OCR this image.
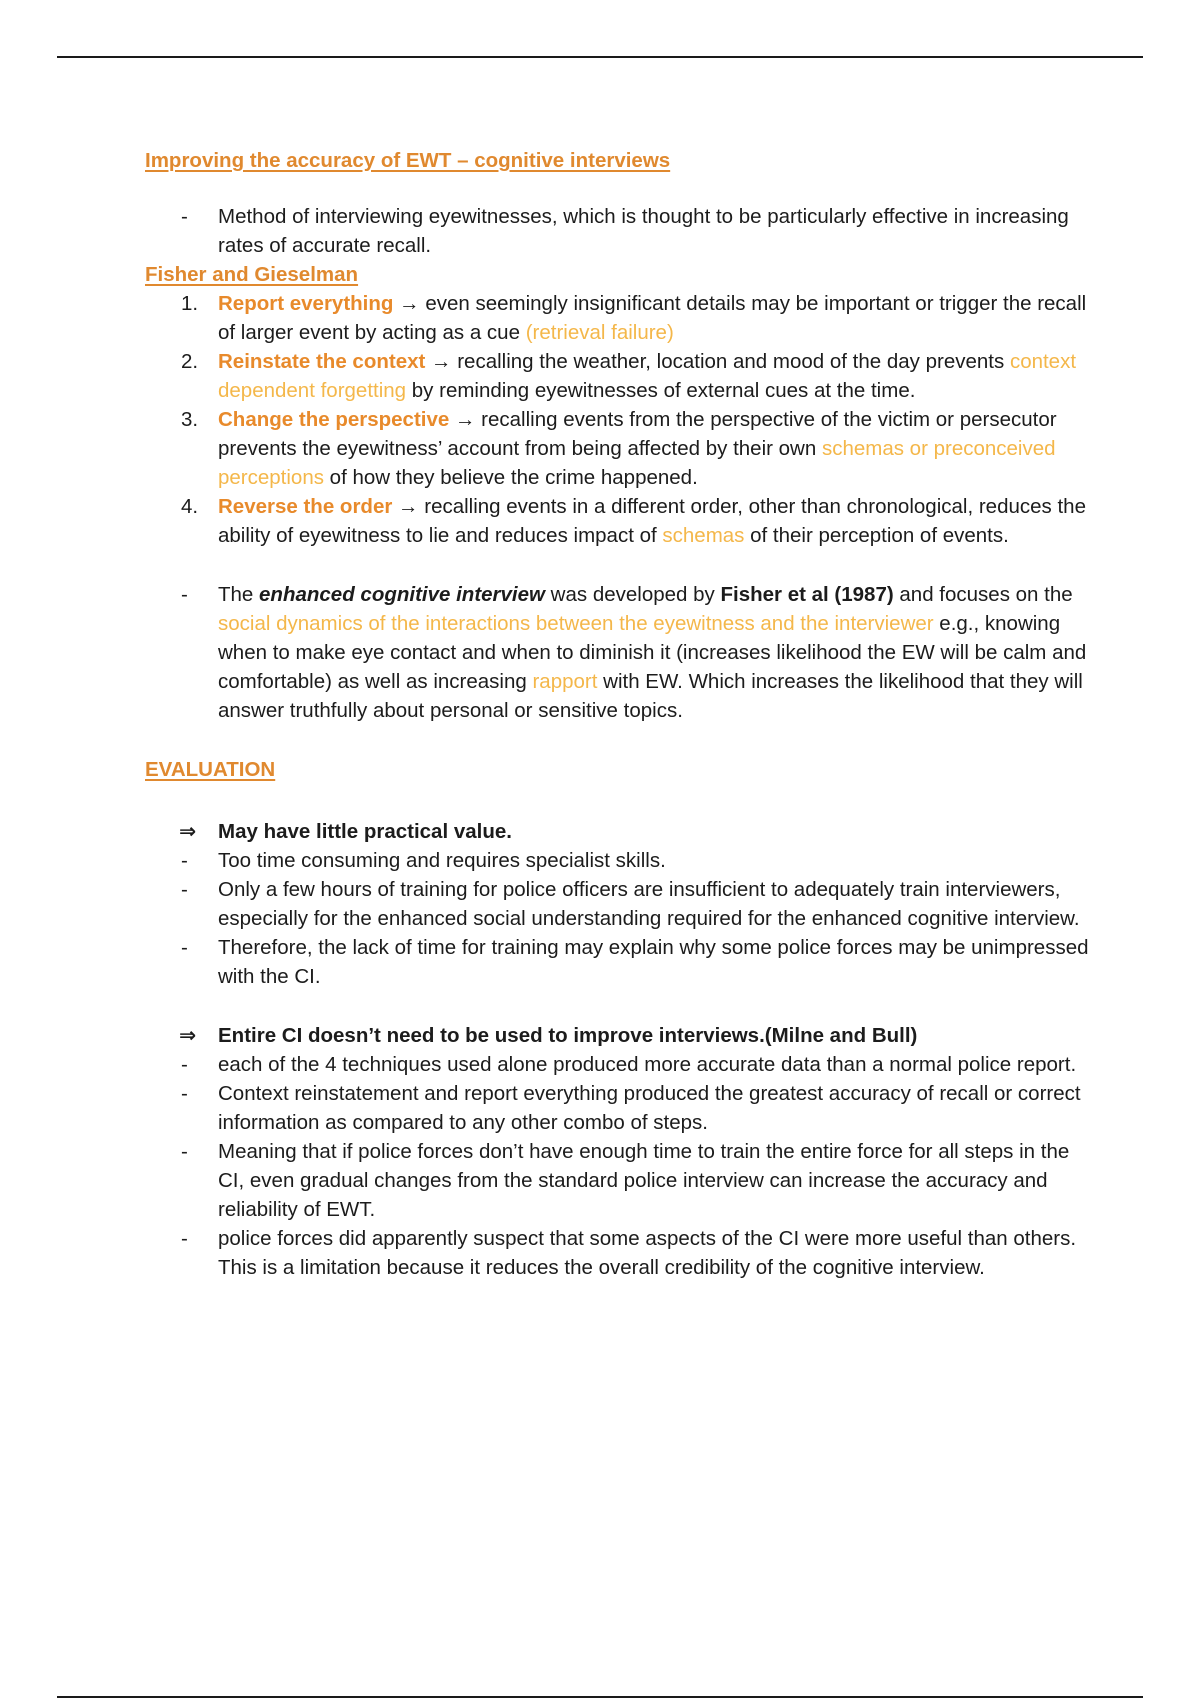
Improving the accuracy of EWT – cognitive interviews
-	Method of interviewing eyewitnesses, which is thought to be particularly effective in increasing rates of accurate recall.
Fisher and Gieselman
1. Report everything → even seemingly insignificant details may be important or trigger the recall of larger event by acting as a cue (retrieval failure)
2. Reinstate the context → recalling the weather, location and mood of the day prevents context dependent forgetting by reminding eyewitnesses of external cues at the time.
3. Change the perspective → recalling events from the perspective of the victim or persecutor prevents the eyewitness’ account from being affected by their own schemas or preconceived perceptions of how they believe the crime happened.
4. Reverse the order → recalling events in a different order, other than chronological, reduces the ability of eyewitness to lie and reduces impact of schemas of their perception of events.
-	The enhanced cognitive interview was developed by Fisher et al (1987) and focuses on the social dynamics of the interactions between the eyewitness and the interviewer e.g., knowing when to make eye contact and when to diminish it (increases likelihood the EW will be calm and comfortable) as well as increasing rapport with EW. Which increases the likelihood that they will answer truthfully about personal or sensitive topics.
EVALUATION
⇒	May have little practical value.
-	Too time consuming and requires specialist skills.
-	Only a few hours of training for police officers are insufficient to adequately train interviewers, especially for the enhanced social understanding required for the enhanced cognitive interview.
-	Therefore, the lack of time for training may explain why some police forces may be unimpressed with the CI.
⇒	Entire CI doesn’t need to be used to improve interviews.(Milne and Bull)
-	each of the 4 techniques used alone produced more accurate data than a normal police report.
-	Context reinstatement and report everything produced the greatest accuracy of recall or correct information as compared to any other combo of steps.
-	Meaning that if police forces don’t have enough time to train the entire force for all steps in the CI, even gradual changes from the standard police interview can increase the accuracy and reliability of EWT.
-	police forces did apparently suspect that some aspects of the CI were more useful than others. This is a limitation because it reduces the overall credibility of the cognitive interview.
